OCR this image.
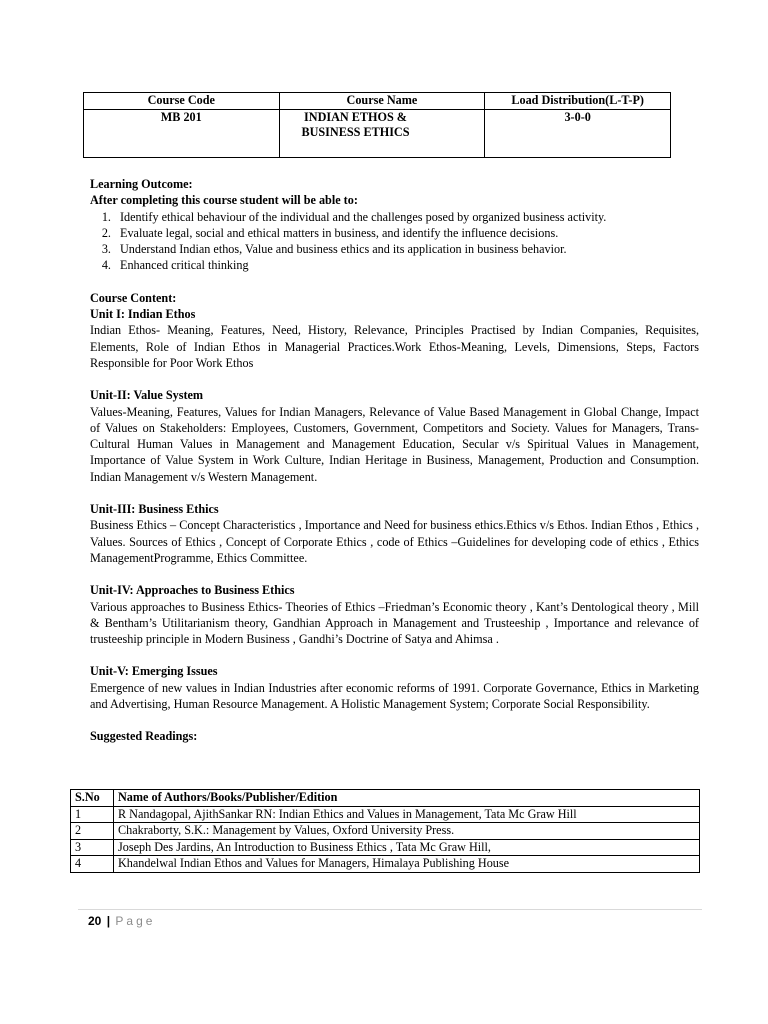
Course Code	Course Name	Load Distribution(L-T-P)
MB 201	INDIAN ETHOS & BUSINESS ETHICS	3-0-0

Learning Outcome:

After completing this course student will be able to:

1. Identify ethical behaviour of the individual and the challenges posed by organized business activity.
2. Evaluate legal, social and ethical matters in business, and identify the influence decisions.
3. Understand Indian ethos, Value and business ethics and its application in business behavior.
4. Enhanced critical thinking

Course Content:

Unit I: Indian Ethos

Indian Ethos- Meaning, Features, Need, History, Relevance, Principles Practised by Indian Companies, Requisites, Elements, Role of Indian Ethos in Managerial Practices.Work Ethos-Meaning, Levels, Dimensions, Steps, Factors Responsible for Poor Work Ethos

Unit-II: Value System

Values-Meaning, Features, Values for Indian Managers, Relevance of Value Based Management in Global Change, Impact of Values on Stakeholders: Employees, Customers, Government, Competitors and Society. Values for Managers, Trans-Cultural Human Values in Management and Management Education, Secular v/s Spiritual Values in Management, Importance of Value System in Work Culture, Indian Heritage in Business, Management, Production and Consumption. Indian Management v/s Western Management.

Unit-III: Business Ethics

Business Ethics – Concept Characteristics , Importance and Need for business ethics.Ethics v/s Ethos. Indian Ethos , Ethics , Values. Sources of Ethics , Concept of Corporate Ethics , code of Ethics –Guidelines for developing code of ethics , Ethics ManagementProgramme, Ethics Committee.

Unit-IV: Approaches to Business Ethics

Various approaches to Business Ethics- Theories of Ethics –Friedman’s Economic theory , Kant’s Dentological theory , Mill & Bentham’s Utilitarianism theory, Gandhian Approach in Management and Trusteeship , Importance and relevance of trusteeship principle in Modern Business , Gandhi’s Doctrine of Satya and Ahimsa .

Unit-V: Emerging Issues

Emergence of new values in Indian Industries after economic reforms of 1991. Corporate Governance, Ethics in Marketing and Advertising, Human Resource Management. A Holistic Management System; Corporate Social Responsibility.

Suggested Readings:

S.No	Name of Authors/Books/Publisher/Edition
1	R Nandagopal, AjithSankar RN: Indian Ethics and Values in Management, Tata Mc Graw Hill
2	Chakraborty, S.K.: Management by Values, Oxford University Press.
3	Joseph Des Jardins, An Introduction to Business Ethics , Tata Mc Graw Hill,
4	Khandelwal Indian Ethos and Values for Managers, Himalaya Publishing House
20 | Page
